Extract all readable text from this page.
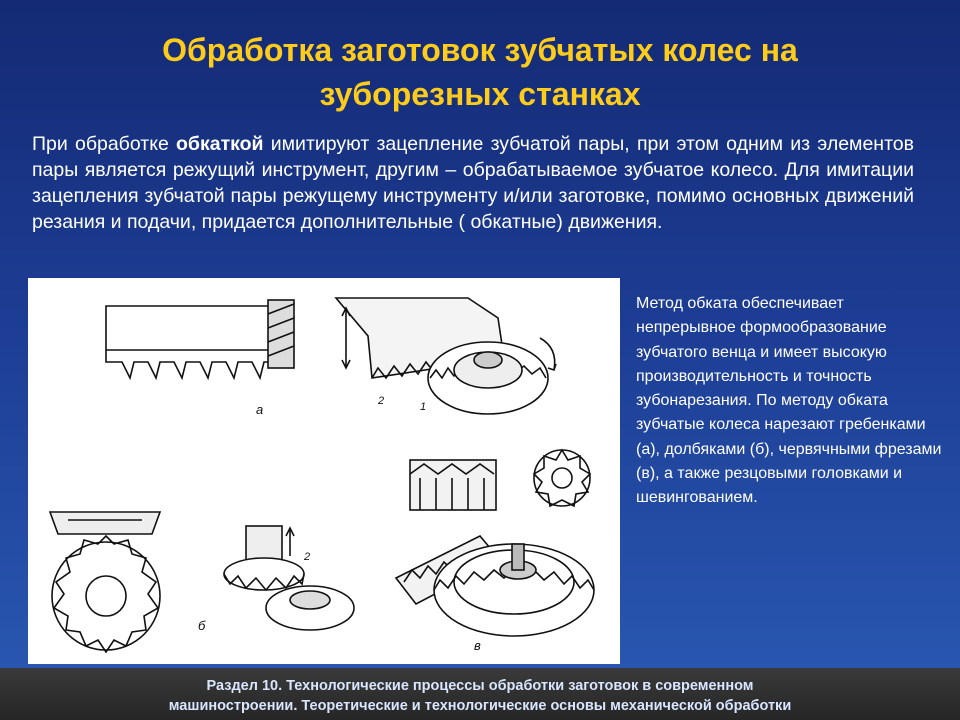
Обработка заготовок зубчатых колес на
зуборезных станках

При обработке обкаткой имитируют зацепление зубчатой пары, при этом одним из элементов пары является режущий инструмент, другим – обрабатываемое зубчатое колесо. Для имитации зацепления зубчатой пары режущему инструменту и/или заготовке, помимо основных движений резания и подачи, придается дополнительные ( обкатные) движения.

а	1
2
б
2
в

Метод обката обеспечивает непрерывное формообразование зубчатого венца и имеет высокую производительность и точность зубонарезания. По методу обката зубчатые колеса нарезают гребенками (а), долбяками (б), червячными фрезами (в), а также резцовыми головками и шевингованием.

Раздел 10. Технологические процессы обработки заготовок в современном
машиностроении. Теоретические и технологические основы механической обработки
